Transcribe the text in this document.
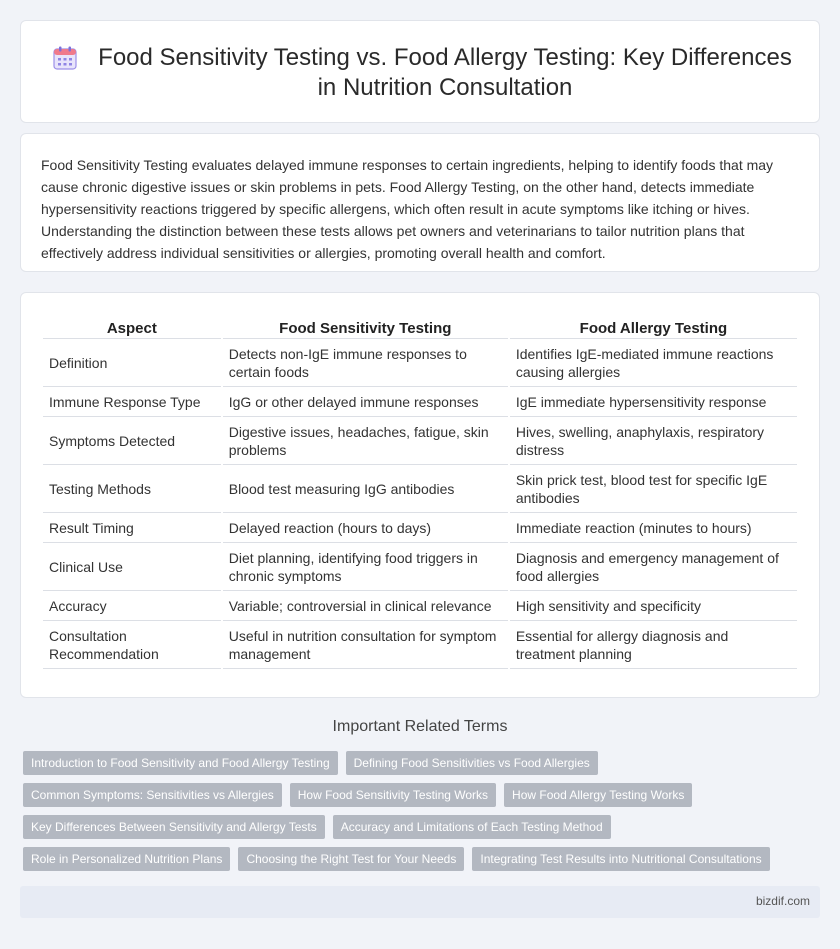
Food Sensitivity Testing vs. Food Allergy Testing: Key Differences in Nutrition Consultation

Food Sensitivity Testing evaluates delayed immune responses to certain ingredients, helping to identify foods that may cause chronic digestive issues or skin problems in pets. Food Allergy Testing, on the other hand, detects immediate hypersensitivity reactions triggered by specific allergens, which often result in acute symptoms like itching or hives. Understanding the distinction between these tests allows pet owners and veterinarians to tailor nutrition plans that effectively address individual sensitivities or allergies, promoting overall health and comfort.

Aspect	Food Sensitivity Testing	Food Allergy Testing
Definition	Detects non-IgE immune responses to certain foods	Identifies IgE-mediated immune reactions causing allergies
Immune Response Type	IgG or other delayed immune responses	IgE immediate hypersensitivity response
Symptoms Detected	Digestive issues, headaches, fatigue, skin problems	Hives, swelling, anaphylaxis, respiratory distress
Testing Methods	Blood test measuring IgG antibodies	Skin prick test, blood test for specific IgE antibodies
Result Timing	Delayed reaction (hours to days)	Immediate reaction (minutes to hours)
Clinical Use	Diet planning, identifying food triggers in chronic symptoms	Diagnosis and emergency management of food allergies
Accuracy	Variable; controversial in clinical relevance	High sensitivity and specificity
Consultation Recommendation	Useful in nutrition consultation for symptom management	Essential for allergy diagnosis and treatment planning
Important Related Terms
Introduction to Food Sensitivity and Food Allergy Testing	Defining Food Sensitivities vs Food Allergies
Common Symptoms: Sensitivities vs Allergies	How Food Sensitivity Testing Works	How Food Allergy Testing Works
Key Differences Between Sensitivity and Allergy Tests	Accuracy and Limitations of Each Testing Method
Role in Personalized Nutrition Plans	Choosing the Right Test for Your Needs	Integrating Test Results into Nutritional Consultations
bizdif.com
